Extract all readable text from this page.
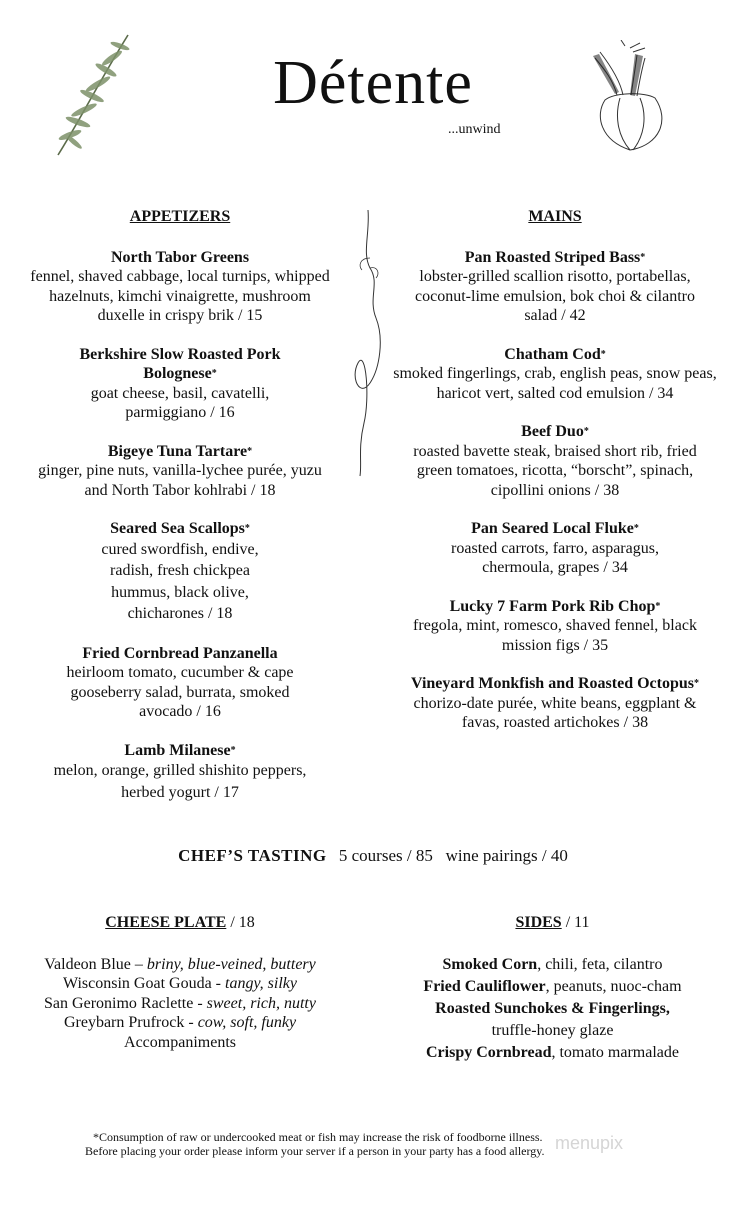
Détente
...unwind
APPETIZERS
North Tabor Greens
fennel, shaved cabbage, local turnips, whipped hazelnuts, kimchi vinaigrette, mushroom duxelle in crispy brik / 15
Berkshire Slow Roasted Pork Bolognese*
goat cheese, basil, cavatelli, parmiggiano / 16
Bigeye Tuna Tartare*
ginger, pine nuts, vanilla-lychee purée, yuzu and North Tabor kohlrabi / 18
Seared Sea Scallops*
cured swordfish, endive, radish, fresh chickpea hummus, black olive, chicharones / 18
Fried Cornbread Panzanella
heirloom tomato, cucumber & cape gooseberry salad, burrata, smoked avocado / 16
Lamb Milanese*
melon, orange, grilled shishito peppers, herbed yogurt / 17
MAINS
Pan Roasted Striped Bass*
lobster-grilled scallion risotto, portabellas, coconut-lime emulsion, bok choi & cilantro salad / 42
Chatham Cod*
smoked fingerlings, crab, english peas, snow peas, haricot vert, salted cod emulsion / 34
Beef Duo*
roasted bavette steak, braised short rib, fried green tomatoes, ricotta, “borscht”, spinach, cipollini onions / 38
Pan Seared Local Fluke*
roasted carrots, farro, asparagus, chermoula, grapes / 34
Lucky 7 Farm Pork Rib Chop*
fregola, mint, romesco, shaved fennel, black mission figs / 35
Vineyard Monkfish and Roasted Octopus*
chorizo-date purée, white beans, eggplant & favas, roasted artichokes / 38
CHEF’S TASTING 5 courses / 85   wine pairings / 40
CHEESE PLATE / 18
Valdeon Blue – briny, blue-veined, buttery
Wisconsin Goat Gouda - tangy, silky
San Geronimo Raclette - sweet, rich, nutty
Greybarn Prufrock - cow, soft, funky
Accompaniments
SIDES / 11
Smoked Corn, chili, feta, cilantro
Fried Cauliflower, peanuts, nuoc-cham
Roasted Sunchokes & Fingerlings,
truffle-honey glaze
Crispy Cornbread, tomato marmalade
*Consumption of raw or undercooked meat or fish may increase the risk of foodborne illness.
Before placing your order please inform your server if a person in your party has a food allergy. menupix
